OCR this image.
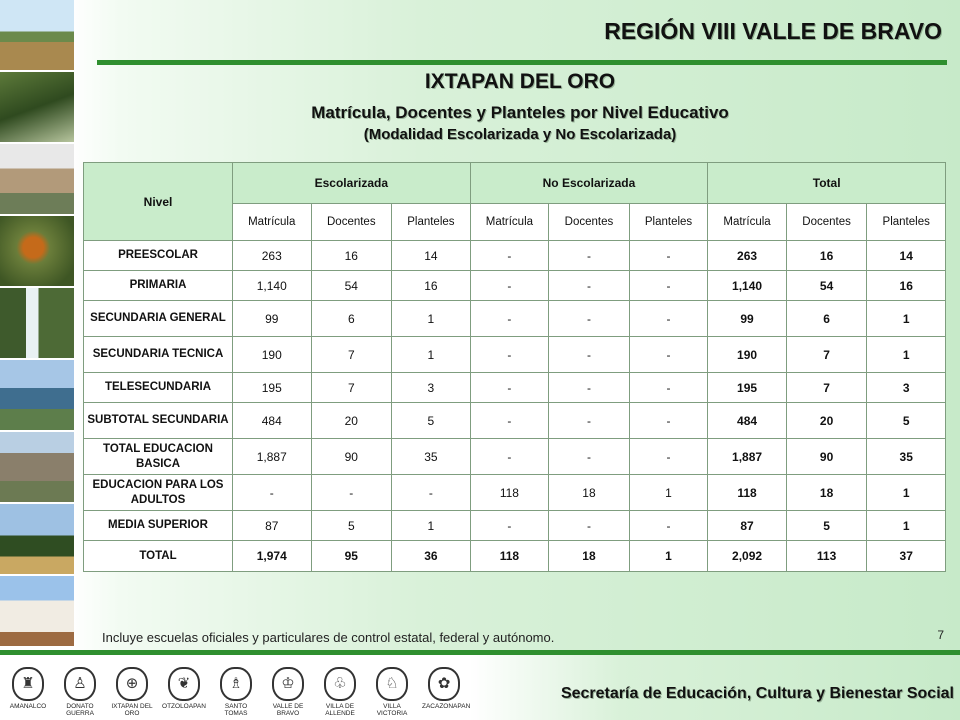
REGIÓN VIII VALLE DE BRAVO
IXTAPAN DEL ORO
Matrícula, Docentes y Planteles por Nivel Educativo
(Modalidad Escolarizada y No Escolarizada)
Nivel	Escolarizada			No Escolarizada			Total		
	Matrícula	Docentes	Planteles	Matrícula	Docentes	Planteles	Matrícula	Docentes	Planteles
PREESCOLAR	263	16	14	-	-	-	263	16	14
PRIMARIA	1,140	54	16	-	-	-	1,140	54	16
SECUNDARIA GENERAL	99	6	1	-	-	-	99	6	1
SECUNDARIA TECNICA	190	7	1	-	-	-	190	7	1
TELESECUNDARIA	195	7	3	-	-	-	195	7	3
SUBTOTAL SECUNDARIA	484	20	5	-	-	-	484	20	5
TOTAL EDUCACION BASICA	1,887	90	35	-	-	-	1,887	90	35
EDUCACION PARA LOS ADULTOS	-	-	-	118	18	1	118	18	1
MEDIA SUPERIOR	87	5	1	-	-	-	87	5	1
TOTAL	1,974	95	36	118	18	1	2,092	113	37
Incluye escuelas oficiales y particulares de control estatal, federal y autónomo.	7
♜
AMANALCO
♙
DONATO GUERRA
⊕
IXTAPAN DEL ORO
❦
OTZOLOAPAN
♗
SANTO TOMAS
♔
VALLE DE BRAVO
♧
VILLA DE ALLENDE
♘
VILLA VICTORIA
✿
ZACAZONAPAN
Secretaría de Educación, Cultura y Bienestar Social
